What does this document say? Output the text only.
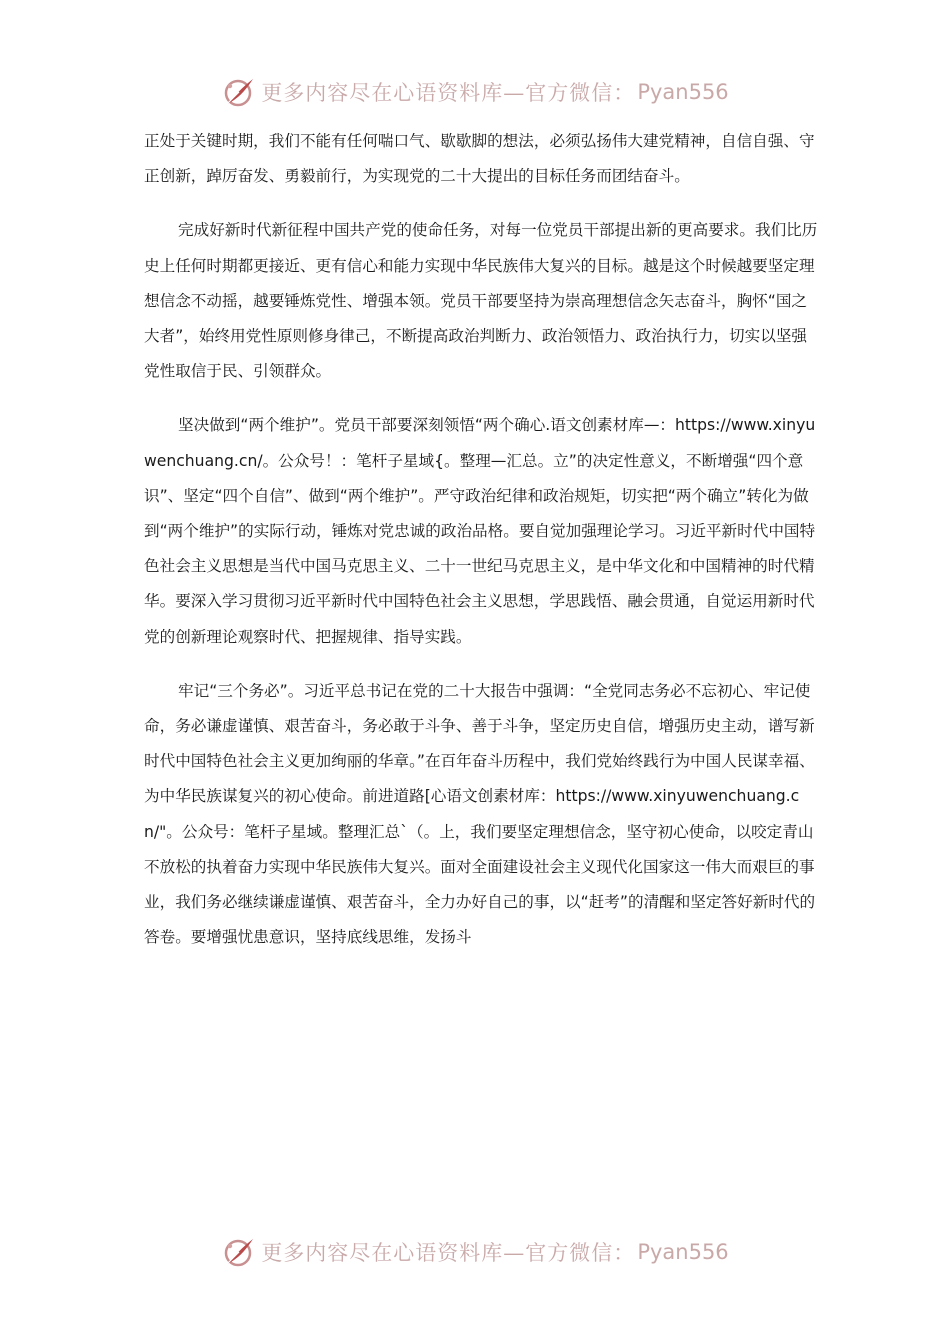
更多内容尽在心语资料库—官方微信： Pyan556

正处于关键时期，我们不能有任何喘口气、歇歇脚的想法，必须弘扬伟大建党精神，自信自强、守正创新，踔厉奋发、勇毅前行，为实现党的二十大提出的目标任务而团结奋斗。

完成好新时代新征程中国共产党的使命任务，对每一位党员干部提出新的更高要求。我们比历史上任何时期都更接近、更有信心和能力实现中华民族伟大复兴的目标。越是这个时候越要坚定理想信念不动摇，越要锤炼党性、增强本领。党员干部要坚持为崇高理想信念矢志奋斗，胸怀“国之大者”，始终用党性原则修身律己，不断提高政治判断力、政治领悟力、政治执行力，切实以坚强党性取信于民、引领群众。

坚决做到“两个维护”。党员干部要深刻领悟“两个确心.语文创素材库—：https://www.xinyuwenchuang.cn/。公众号！：笔杆子星域{。整理—汇总。立”的决定性意义，不断增强“四个意识”、坚定“四个自信”、做到“两个维护”。严守政治纪律和政治规矩，切实把“两个确立”转化为做到“两个维护”的实际行动，锤炼对党忠诚的政治品格。要自觉加强理论学习。习近平新时代中国特色社会主义思想是当代中国马克思主义、二十一世纪马克思主义，是中华文化和中国精神的时代精华。要深入学习贯彻习近平新时代中国特色社会主义思想，学思践悟、融会贯通，自觉运用新时代党的创新理论观察时代、把握规律、指导实践。

牢记“三个务必”。习近平总书记在党的二十大报告中强调：“全党同志务必不忘初心、牢记使命，务必谦虚谨慎、艰苦奋斗，务必敢于斗争、善于斗争，坚定历史自信，增强历史主动，谱写新时代中国特色社会主义更加绚丽的华章。”在百年奋斗历程中，我们党始终践行为中国人民谋幸福、为中华民族谋复兴的初心使命。前进道路[心语文创素材库：https://www.xinyuwenchuang.cn/"。公众号：笔杆子星域。整理汇总`（。上，我们要坚定理想信念，坚守初心使命，以咬定青山不放松的执着奋力实现中华民族伟大复兴。面对全面建设社会主义现代化国家这一伟大而艰巨的事业，我们务必继续谦虚谨慎、艰苦奋斗，全力办好自己的事，以“赶考”的清醒和坚定答好新时代的答卷。要增强忧患意识，坚持底线思维，发扬斗

更多内容尽在心语资料库—官方微信： Pyan556
